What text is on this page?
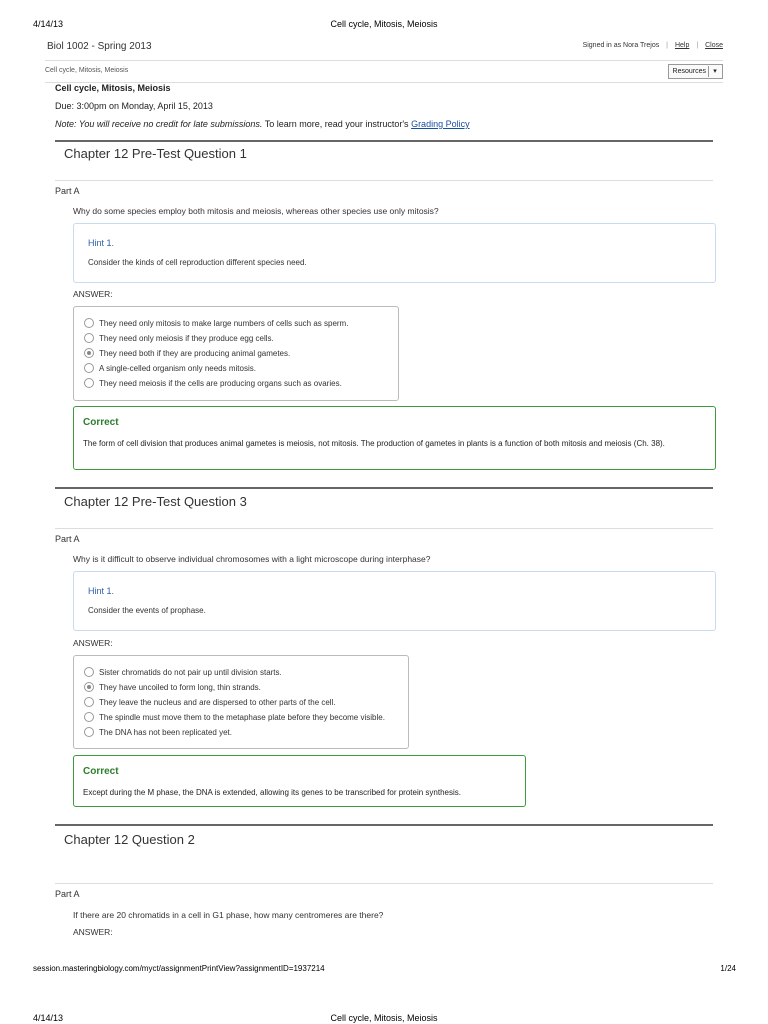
4/14/13	Cell cycle, Mitosis, Meiosis
Biol 1002 - Spring 2013	Signed in as Nora Trejos | Help | Close
Cell cycle, Mitosis, Meiosis	Resources	▾
Cell cycle, Mitosis, Meiosis
Due: 3:00pm on Monday, April 15, 2013
Note: You will receive no credit for late submissions. To learn more, read your instructor's Grading Policy
Chapter 12 Pre-Test Question 1
Part A
Why do some species employ both mitosis and meiosis, whereas other species use only mitosis?
Hint 1.
Consider the kinds of cell reproduction different species need.
ANSWER:
They need only mitosis to make large numbers of cells such as sperm.
They need only meiosis if they produce egg cells.
They need both if they are producing animal gametes.
A single-celled organism only needs mitosis.
They need meiosis if the cells are producing organs such as ovaries.
Correct
The form of cell division that produces animal gametes is meiosis, not mitosis. The production of gametes in plants is a function of both mitosis and meiosis (Ch. 38).
Chapter 12 Pre-Test Question 3
Part A
Why is it difficult to observe individual chromosomes with a light microscope during interphase?
Hint 1.
Consider the events of prophase.
ANSWER:
Sister chromatids do not pair up until division starts.
They have uncoiled to form long, thin strands.
They leave the nucleus and are dispersed to other parts of the cell.
The spindle must move them to the metaphase plate before they become visible.
The DNA has not been replicated yet.
Correct
Except during the M phase, the DNA is extended, allowing its genes to be transcribed for protein synthesis.
Chapter 12 Question 2
Part A
If there are 20 chromatids in a cell in G1 phase, how many centromeres are there?
ANSWER:
session.masteringbiology.com/myct/assignmentPrintView?assignmentID=1937214	1/24
4/14/13	Cell cycle, Mitosis, Meiosis
